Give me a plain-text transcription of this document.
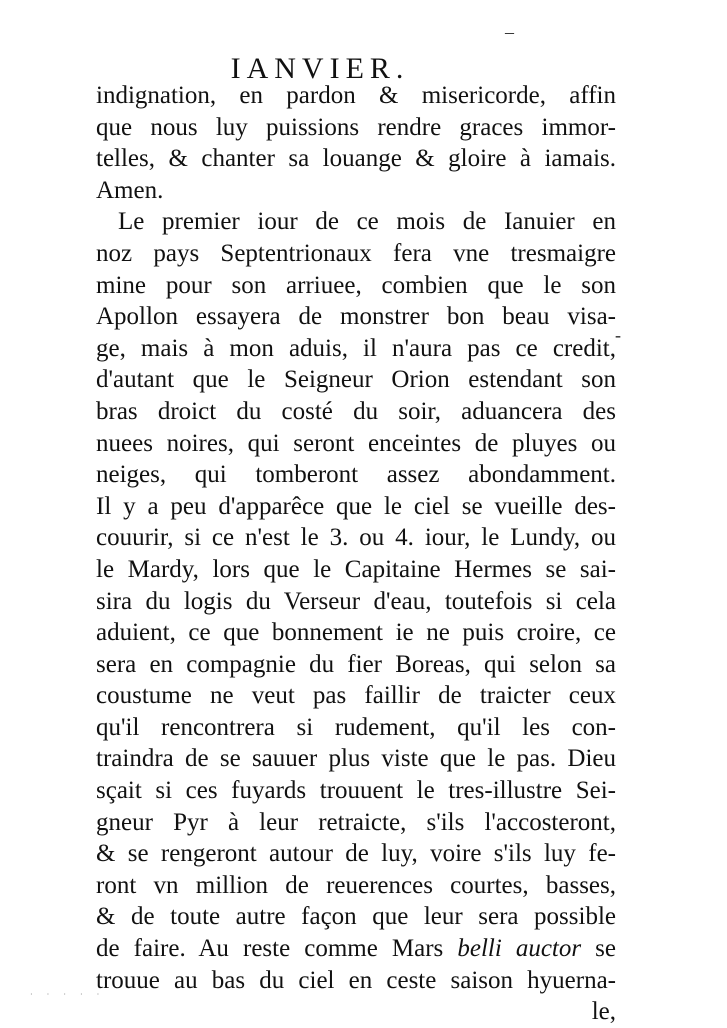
–
-
IANVIER.
indignation, en pardon & misericorde, affin
que nous luy puissions rendre graces immor-
telles, & chanter sa louange & gloire à iamais.
Amen.
Le premier iour de ce mois de Ianuier en
noz pays Septentrionaux fera vne tresmaigre
mine pour son arriuee, combien que le son
Apollon essayera de monstrer bon beau visa-
ge, mais à mon aduis, il n'aura pas ce credit,
d'autant que le Seigneur Orion estendant son
bras droict du costé du soir, aduancera des
nuees noires, qui seront enceintes de pluyes ou
neiges, qui tomberont assez abondamment.
Il y a peu d'apparêce que le ciel se vueille des-
couurir, si ce n'est le 3. ou 4. iour, le Lundy, ou
le Mardy, lors que le Capitaine Hermes se sai-
sira du logis du Verseur d'eau, toutefois si cela
aduient, ce que bonnement ie ne puis croire, ce
sera en compagnie du fier Boreas, qui selon sa
coustume ne veut pas faillir de traicter ceux
qu'il rencontrera si rudement, qu'il les con-
traindra de se sauuer plus viste que le pas. Dieu
sçait si ces fuyards trouuent le tres-illustre Sei-
gneur Pyr à leur retraicte, s'ils l'accosteront,
& se rengeront autour de luy, voire s'ils luy fe-
ront vn million de reuerences courtes, basses,
& de toute autre façon que leur sera possible
de faire. Au reste comme Mars belli auctor se
trouue au bas du ciel en ceste saison hyuerna-
le,
· · · · ·
